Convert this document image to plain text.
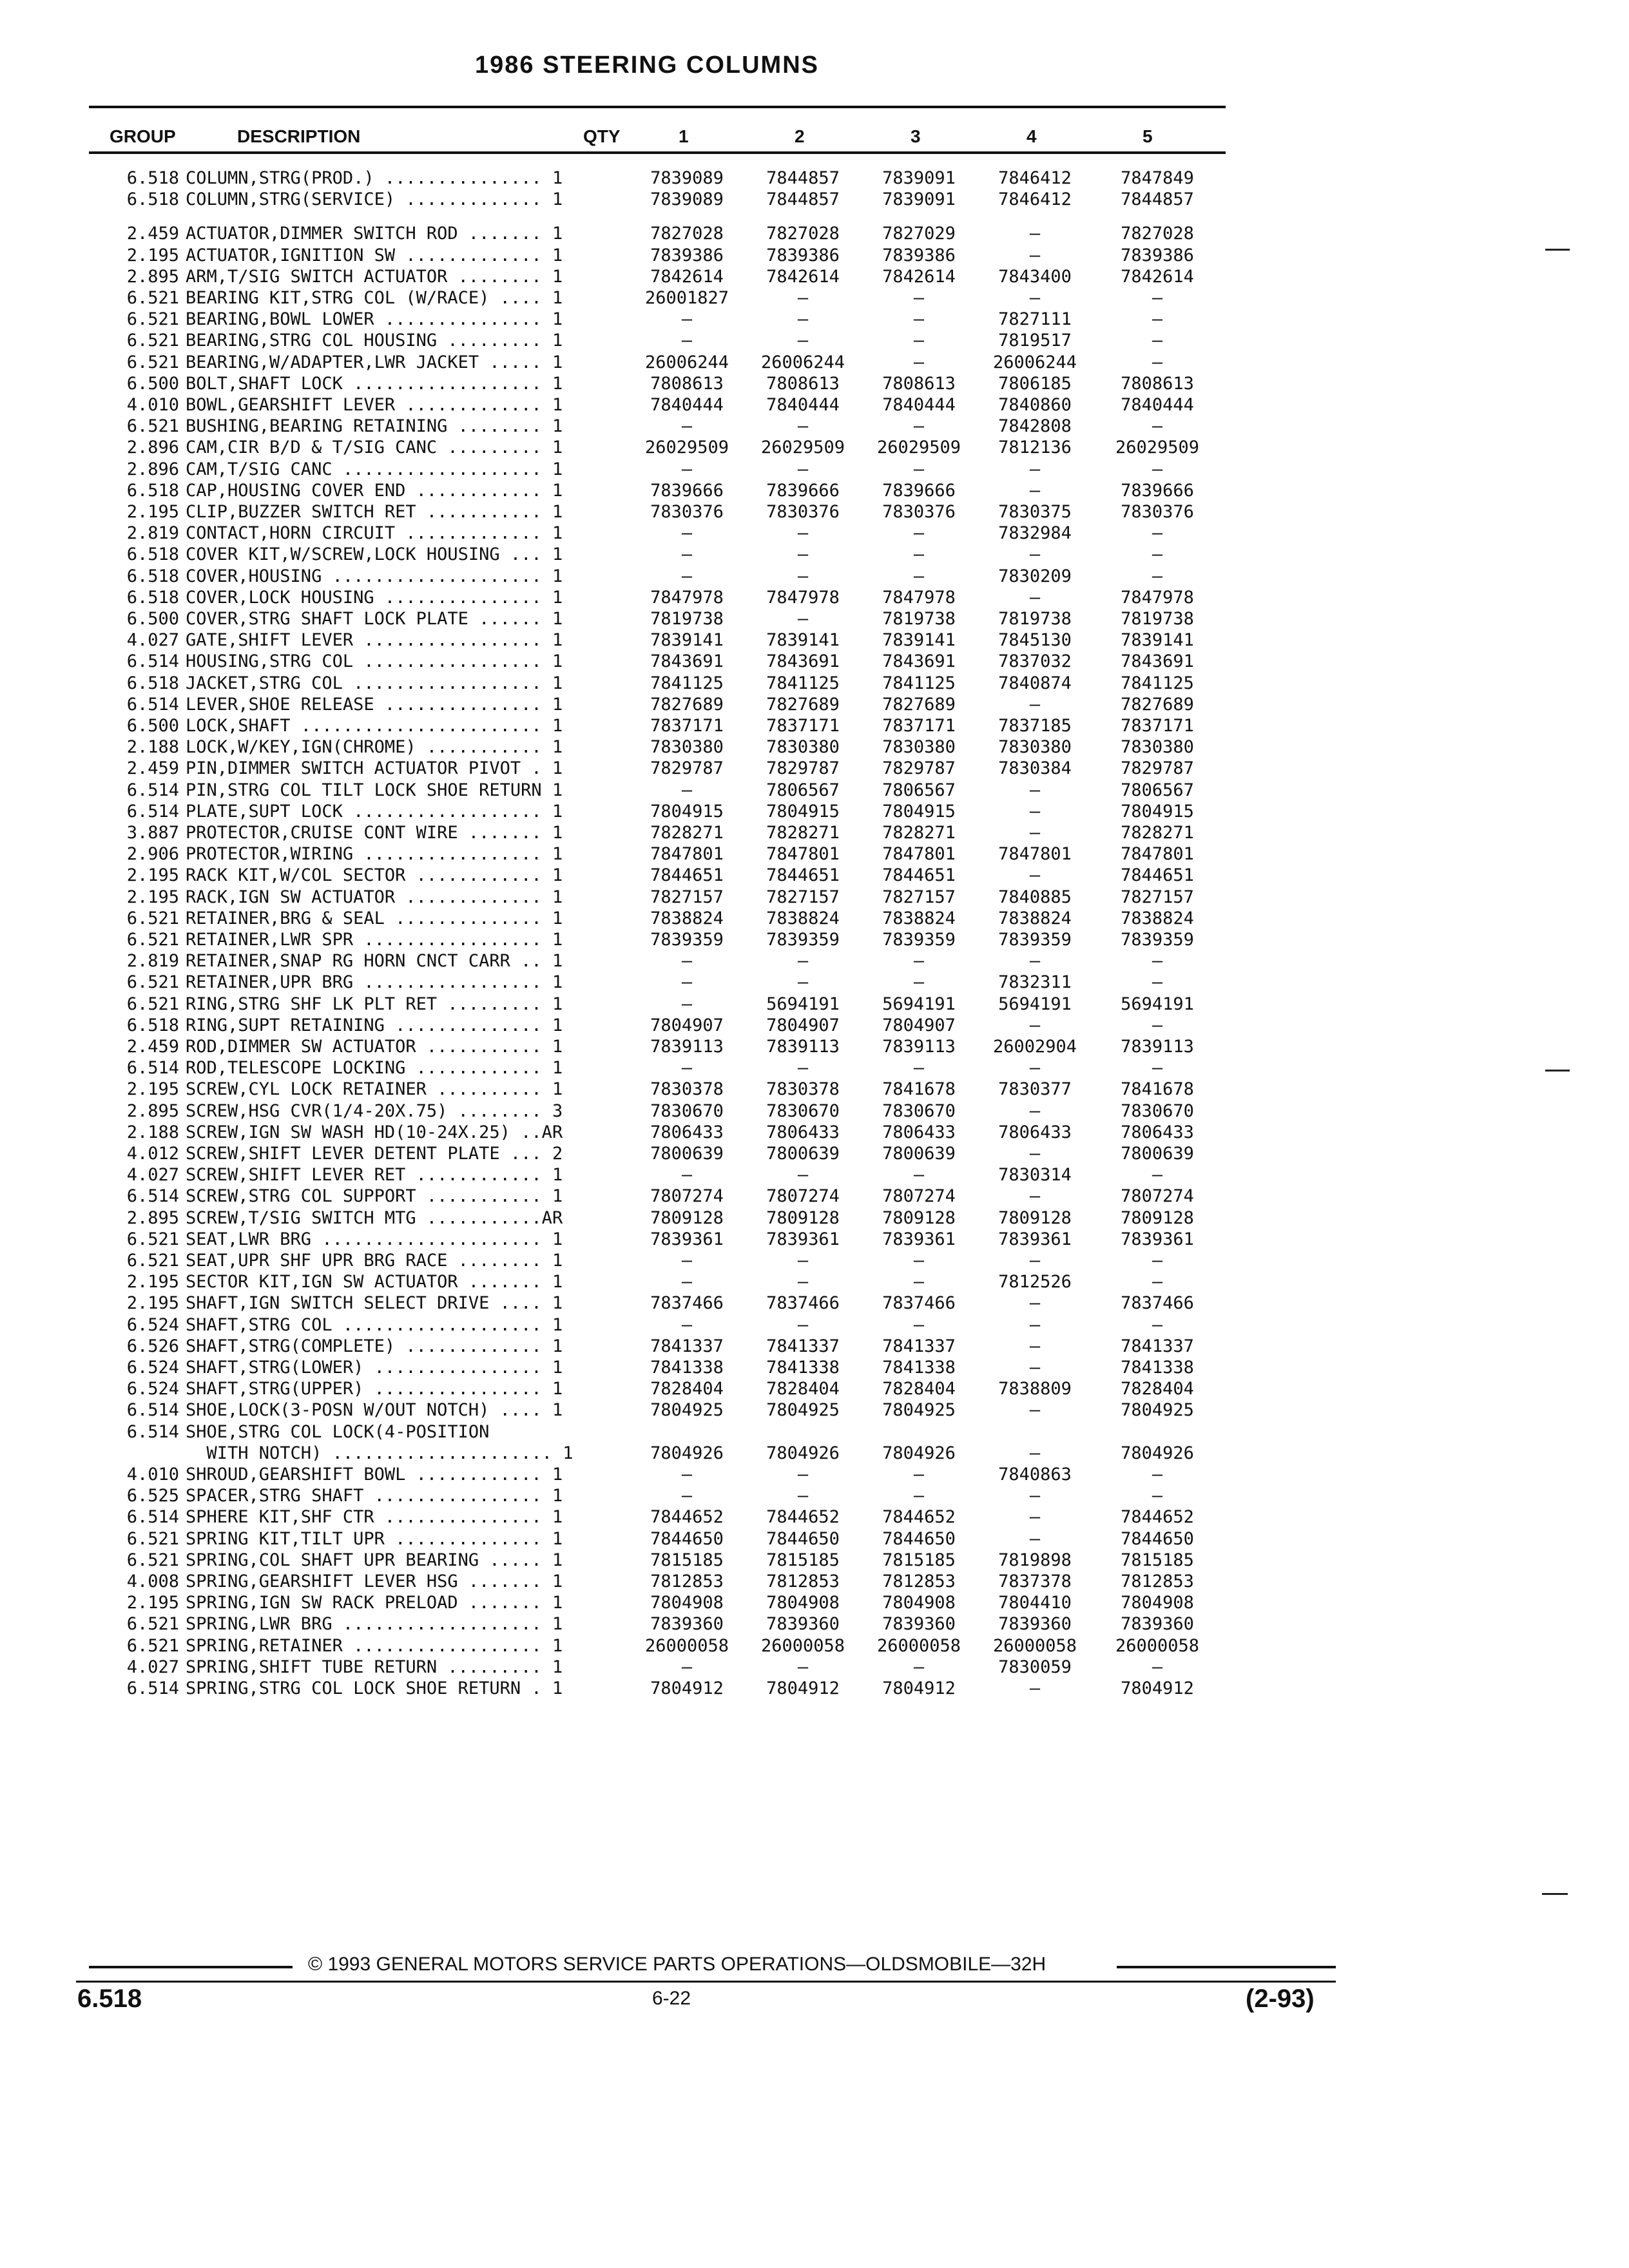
1986 STEERING COLUMNS
GROUP	DESCRIPTION	QTY	1	2	3	4	5
6.518 COLUMN,STRG(PROD.) ............... 1	7839089	7844857	7839091	7846412	7847849
6.518 COLUMN,STRG(SERVICE) ............. 1	7839089	7844857	7839091	7846412	7844857
2.459 ACTUATOR,DIMMER SWITCH ROD ....... 1	7827028	7827028	7827029	—	7827028
2.195 ACTUATOR,IGNITION SW ............. 1	7839386	7839386	7839386	—	7839386
2.895 ARM,T/SIG SWITCH ACTUATOR ........ 1	7842614	7842614	7842614	7843400	7842614
6.521 BEARING KIT,STRG COL (W/RACE) .... 1	26001827	—	—	—	—
6.521 BEARING,BOWL LOWER ............... 1	—	—	—	7827111	—
6.521 BEARING,STRG COL HOUSING ......... 1	—	—	—	7819517	—
6.521 BEARING,W/ADAPTER,LWR JACKET ..... 1	26006244	26006244	—	26006244	—
6.500 BOLT,SHAFT LOCK .................. 1	7808613	7808613	7808613	7806185	7808613
4.010 BOWL,GEARSHIFT LEVER ............. 1	7840444	7840444	7840444	7840860	7840444
6.521 BUSHING,BEARING RETAINING ........ 1	—	—	—	7842808	—
2.896 CAM,CIR B/D & T/SIG CANC ......... 1	26029509	26029509	26029509	7812136	26029509
2.896 CAM,T/SIG CANC ................... 1	—	—	—	—	—
6.518 CAP,HOUSING COVER END ............ 1	7839666	7839666	7839666	—	7839666
2.195 CLIP,BUZZER SWITCH RET ........... 1	7830376	7830376	7830376	7830375	7830376
2.819 CONTACT,HORN CIRCUIT ............. 1	—	—	—	7832984	—
6.518 COVER KIT,W/SCREW,LOCK HOUSING ... 1	—	—	—	—	—
6.518 COVER,HOUSING .................... 1	—	—	—	7830209	—
6.518 COVER,LOCK HOUSING ............... 1	7847978	7847978	7847978	—	7847978
6.500 COVER,STRG SHAFT LOCK PLATE ...... 1	7819738	—	7819738	7819738	7819738
4.027 GATE,SHIFT LEVER ................. 1	7839141	7839141	7839141	7845130	7839141
6.514 HOUSING,STRG COL ................. 1	7843691	7843691	7843691	7837032	7843691
6.518 JACKET,STRG COL .................. 1	7841125	7841125	7841125	7840874	7841125
6.514 LEVER,SHOE RELEASE ............... 1	7827689	7827689	7827689	—	7827689
6.500 LOCK,SHAFT ....................... 1	7837171	7837171	7837171	7837185	7837171
2.188 LOCK,W/KEY,IGN(CHROME) ........... 1	7830380	7830380	7830380	7830380	7830380
2.459 PIN,DIMMER SWITCH ACTUATOR PIVOT . 1	7829787	7829787	7829787	7830384	7829787
6.514 PIN,STRG COL TILT LOCK SHOE RETURN 1	—	7806567	7806567	—	7806567
6.514 PLATE,SUPT LOCK .................. 1	7804915	7804915	7804915	—	7804915
3.887 PROTECTOR,CRUISE CONT WIRE ....... 1	7828271	7828271	7828271	—	7828271
2.906 PROTECTOR,WIRING ................. 1	7847801	7847801	7847801	7847801	7847801
2.195 RACK KIT,W/COL SECTOR ............ 1	7844651	7844651	7844651	—	7844651
2.195 RACK,IGN SW ACTUATOR ............. 1	7827157	7827157	7827157	7840885	7827157
6.521 RETAINER,BRG & SEAL .............. 1	7838824	7838824	7838824	7838824	7838824
6.521 RETAINER,LWR SPR ................. 1	7839359	7839359	7839359	7839359	7839359
2.819 RETAINER,SNAP RG HORN CNCT CARR .. 1	—	—	—	—	—
6.521 RETAINER,UPR BRG ................. 1	—	—	—	7832311	—
6.521 RING,STRG SHF LK PLT RET ......... 1	—	5694191	5694191	5694191	5694191
6.518 RING,SUPT RETAINING .............. 1	7804907	7804907	7804907	—	—
2.459 ROD,DIMMER SW ACTUATOR ........... 1	7839113	7839113	7839113	26002904	7839113
6.514 ROD,TELESCOPE LOCKING ............ 1	—	—	—	—	—
2.195 SCREW,CYL LOCK RETAINER .......... 1	7830378	7830378	7841678	7830377	7841678
2.895 SCREW,HSG CVR(1/4-20X.75) ........ 3	7830670	7830670	7830670	—	7830670
2.188 SCREW,IGN SW WASH HD(10-24X.25) ..AR	7806433	7806433	7806433	7806433	7806433
4.012 SCREW,SHIFT LEVER DETENT PLATE ... 2	7800639	7800639	7800639	—	7800639
4.027 SCREW,SHIFT LEVER RET ............ 1	—	—	—	7830314	—
6.514 SCREW,STRG COL SUPPORT ........... 1	7807274	7807274	7807274	—	7807274
2.895 SCREW,T/SIG SWITCH MTG ...........AR	7809128	7809128	7809128	7809128	7809128
6.521 SEAT,LWR BRG ..................... 1	7839361	7839361	7839361	7839361	7839361
6.521 SEAT,UPR SHF UPR BRG RACE ........ 1	—	—	—	—	—
2.195 SECTOR KIT,IGN SW ACTUATOR ....... 1	—	—	—	7812526	—
2.195 SHAFT,IGN SWITCH SELECT DRIVE .... 1	7837466	7837466	7837466	—	7837466
6.524 SHAFT,STRG COL ................... 1	—	—	—	—	—
6.526 SHAFT,STRG(COMPLETE) ............. 1	7841337	7841337	7841337	—	7841337
6.524 SHAFT,STRG(LOWER) ................ 1	7841338	7841338	7841338	—	7841338
6.524 SHAFT,STRG(UPPER) ................ 1	7828404	7828404	7828404	7838809	7828404
6.514 SHOE,LOCK(3-POSN W/OUT NOTCH) .... 1	7804925	7804925	7804925	—	7804925
6.514 SHOE,STRG COL LOCK(4-POSITION
WITH NOTCH) ..................... 1	7804926	7804926	7804926	—	7804926
4.010 SHROUD,GEARSHIFT BOWL ............ 1	—	—	—	7840863	—
6.525 SPACER,STRG SHAFT ................ 1	—	—	—	—	—
6.514 SPHERE KIT,SHF CTR ............... 1	7844652	7844652	7844652	—	7844652
6.521 SPRING KIT,TILT UPR .............. 1	7844650	7844650	7844650	—	7844650
6.521 SPRING,COL SHAFT UPR BEARING ..... 1	7815185	7815185	7815185	7819898	7815185
4.008 SPRING,GEARSHIFT LEVER HSG ....... 1	7812853	7812853	7812853	7837378	7812853
2.195 SPRING,IGN SW RACK PRELOAD ....... 1	7804908	7804908	7804908	7804410	7804908
6.521 SPRING,LWR BRG ................... 1	7839360	7839360	7839360	7839360	7839360
6.521 SPRING,RETAINER .................. 1	26000058	26000058	26000058	26000058	26000058
4.027 SPRING,SHIFT TUBE RETURN ......... 1	—	—	—	7830059	—
6.514 SPRING,STRG COL LOCK SHOE RETURN . 1	7804912	7804912	7804912	—	7804912
© 1993 GENERAL MOTORS SERVICE PARTS OPERATIONS—OLDSMOBILE—32H
6.518	6-22	(2-93)
